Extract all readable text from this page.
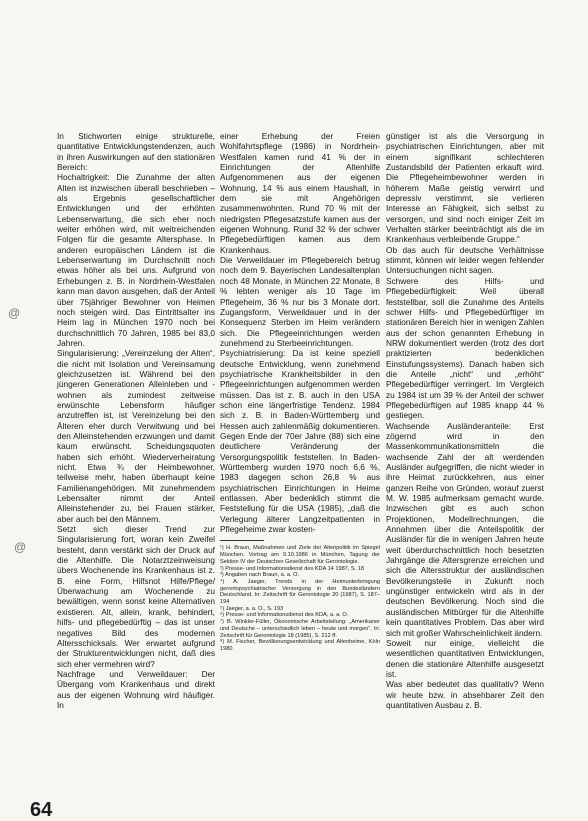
@
@

In Stichworten einige strukturelle, quantitative Entwicklungstendenzen, auch in ihren Auswirkungen auf den stationären Bereich:

Hochaltrigkeit: Die Zunahme der alten Alten ist inzwischen überall beschrieben – als Ergebnis gesellschaftlicher Entwicklungen und der erhöhten Lebenserwartung, die sich eher noch weiter erhöhen wird, mit weitreichenden Folgen für die gesamte Altersphase. In anderen europäischen Ländern ist die Lebenserwartung im Durchschnitt noch etwas höher als bei uns. Aufgrund von Erhebungen z. B. in Nordrhein-Westfalen kann man davon ausgehen, daß der Anteil über 75jähriger Bewohner von Heimen noch steigen wird. Das Eintrittsalter ins Heim lag in München 1970 noch bei durchschnittlich 70 Jahren, 1985 bei 83,0 Jahren.

Singularisierung: „Vereinzelung der Alten“, die nicht mit Isolation und Vereinsamung gleichzusetzen ist. Während bei den jüngeren Generationen Alleinleben und -wohnen als zumindest zeitweise erwünschte Lebensform häufiger anzutreffen ist, ist Vereinzelung bei den Älteren eher durch Verwitwung und bei den Alleinstehenden erzwungen und damit kaum erwünscht. Scheidungsquoten haben sich erhöht. Wiederverheiratung nicht. Etwa ¾ der Heimbewohner, teilweise mehr, haben überhaupt keine Familienangehörigen. Mit zunehmendem Lebensalter nimmt der Anteil Alleinstehender zu, bei Frauen stärker, aber auch bei den Männern.

Setzt sich dieser Trend zur Singularisierung fort, woran kein Zweifel besteht, dann verstärkt sich der Druck auf die Altenhilfe. Die Notarztzeinweisung übers Wochenende ins Krankenhaus ist z. B. eine Form, Hilfsnot Hilfe/Pflege/Überwachung am Wochenende zu bewältigen, wenn sonst keine Alternativen existieren. Alt, allein, krank, behindert, hilfs- und pflegebedürftig – das ist unser negatives Bild des modernen Altersschicksals. Wer erwartet aufgrund der Strukturentwicklungen nicht, daß dies sich eher vermehren wird?

Nachfrage und Verweildauer: Der Übergang vom Krankenhaus und direkt aus der eigenen Wohnung wird häufiger. In

einer Erhebung der Freien Wohlfahrtspflege (1986) in Nordrhein-Westfalen kamen rund 41 % der in Einrichtungen der Altenhilfe Aufgenommenen aus der eigenen Wohnung, 14 % aus einem Haushalt, in dem sie mit Angehörigen zusammenwohnten. Rund 70 % mit der niedrigsten Pflegesatzstufe kamen aus der eigenen Wohnung. Rund 32 % der schwer Pflegebedürftigen kamen aus dem Krankenhaus.

Die Verweildauer im Pflegebereich betrug noch dem 9. Bayerischen Landesaltenplan noch 48 Monate, in München 22 Monate, 8 % lebten weniger als 10 Tage im Pflegeheim, 36 % nur bis 3 Monate dort. Zugangsform, Verweildauer und in der Konsequenz Sterben im Heim verändern sich. Die Pflegeeinrichtungen werden zunehmend zu Sterbeeinrichtungen.

Psychiatrisierung: Da ist keine speziell deutsche Entwicklung, wenn zunehmend psychiatrische Krankheitsbilder in den Pflegeeinrichtungen aufgenommen werden müssen. Das ist z. B. auch in den USA schon eine längerfristige Tendenz. 1984 sich z. B. in Baden-Württemberg und Hessen auch zahlenmäßig dokumentieren. Gegen Ende der 70er Jahre (88) sich eine deutlichere Veränderung der Versorgungspolitik feststellen. In Baden-Württemberg wurden 1970 noch 6,6 %, 1983 dagegen schon 26,8 % aus psychiatrischen Einrichtungen in Heime entlassen. Aber bedenklich stimmt die Feststellung für die USA (1985), „daß die Verlegung älterer Langzeitpatienten in Pflegeheime zwar kosten-

¹) H. Braun, Maßnahmen und Ziele der Altenpolitik im Spiegel München. Vortrag am 9.10.1986 in München, Tagung der Sektion IV der Deutschen Gesellschaft für Gerontologie.

²) Presse- und Informationsdienst des KDA 14 1987, S. 18

³) Angaben nach Braun, a. a. O.

⁴) A. Jaeger, Trends in der Heimunterbringung gerontopsychiatrischer Versorgung in den Bundesländern Deutschland. In: Zeitschrift für Gerontologie 20 (1987), S. 187–194

⁵) Jaeger, a. a. O., S. 193

⁶) Presse- und Informationsdienst des KDA, a. a. O.

⁷) B. Winkler-Füller, Ökonomische Arbeitsteilung: „Amerikaner und Deutsche – unterschiedlich leben – heute und morgen“, In: Zeitschrift für Gerontologie 18 (1985), S. 212 ff.

⁸) M. Fischer, Bevölkerungsentwicklung und Altenheime, Köln 1980

günstiger ist als die Versorgung in psychiatrischen Einrichtungen, aber mit einem signifikant schlechteren Zustandsbild der Patienten erkauft wird. Die Pflegeheimbewohner werden in höherem Maße geistig verwirrt und depressiv verstimmt, sie verlieren Interesse an Fähigkeit, sich selbst zu versorgen, und sind noch einiger Zeit im Verhalten stärker beeinträchtigt als die im Krankenhaus verbleibende Gruppe.“

Ob das auch für deutsche Verhältnisse stimmt, können wir leider wegen fehlender Untersuchungen nicht sagen.

Schwere des Hilfs- und Pflegebedürftigkeit: Weil überall feststellbar, soll die Zunahme des Anteils schwer Hilfs- und Pflegebedürftiger im stationären Bereich hier in wenigen Zahlen aus der schon genannten Erhebung in NRW dokumentiert werden (trotz des dort praktizierten bedenklichen Einstufungssystems). Danach haben sich die Anteile „nicht“ und „erhöht“ Pflegebedürftiger verringert. Im Vergleich zu 1984 ist um 39 % der Anteil der schwer Pflegebedürftigen auf 1985 knapp 44 % gestiegen.

Wachsende Ausländeranteile: Erst zögernd wird in den Massenkommunikationsmitteln die wachsende Zahl der alt werdenden Ausländer aufgegriffen, die nicht wieder in ihre Heimat zurückkehren, aus einer ganzen Reihe von Gründen, worauf zuerst M. W. 1985 aufmerksam gemacht wurde. Inzwischen gibt es auch schon Projektionen, Modellrechnungen, die Annahmen über die Anteilspolitik der Ausländer für die in wenigen Jahren heute weit überdurchschnittlich hoch besetzten Jahrgänge die Altersgrenze erreichen und sich die Altersstruktur der ausländischen Bevölkerungsteile in Zukunft noch ungünstiger entwickeln wird als in der deutschen Bevölkerung. Noch sind die ausländischen Mitbürger für die Altenhilfe kein quantitatives Problem. Das aber wird sich mit großer Wahrscheinlichkeit ändern.

Soweit nur einige, vielleicht die wesentlichen quantitativen Entwicklungen, denen die stationäre Altenhilfe ausgesetzt ist.

Was aber bedeutet das qualitativ? Wenn wir heute bzw. in absehbarer Zeit den quantitativen Ausbau z. B.

64
